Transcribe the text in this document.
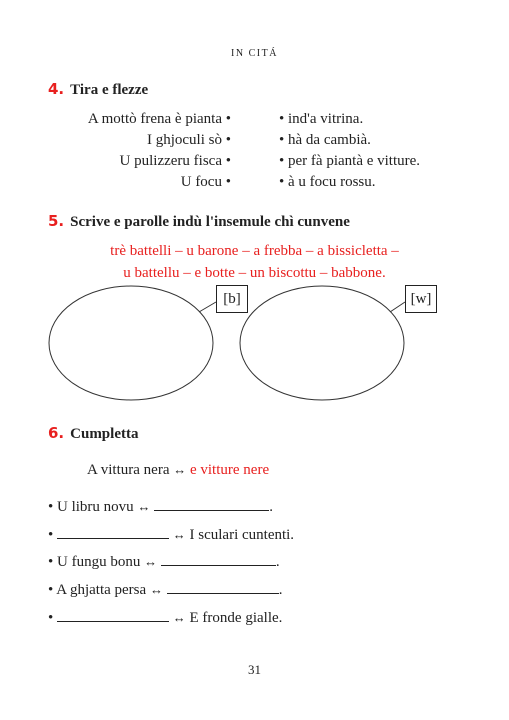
IN CITÁ
4. Tira e flezze
A mottò frena è pianta •	• ind'a vitrina.
I ghjoculi sò •	• hà da cambià.
U pulizzeru fisca •	• per fà piantà e vitture.
U focu •	• à u focu rossu.
5. Scrive e parolle indù l'insemule chì cunvene
trè battelli – u barone – a frebba – a bissicletta –
u battellu – e botte – un biscottu – babbone.
[b]	[w]
6. Cumpletta
A vittura nera ↔ e vitture nere
• U libru novu ↔	.
•	↔ I sculari cuntenti.
• U fungu bonu ↔	.
• A ghjatta persa ↔	.
•	↔ E fronde gialle.
31
